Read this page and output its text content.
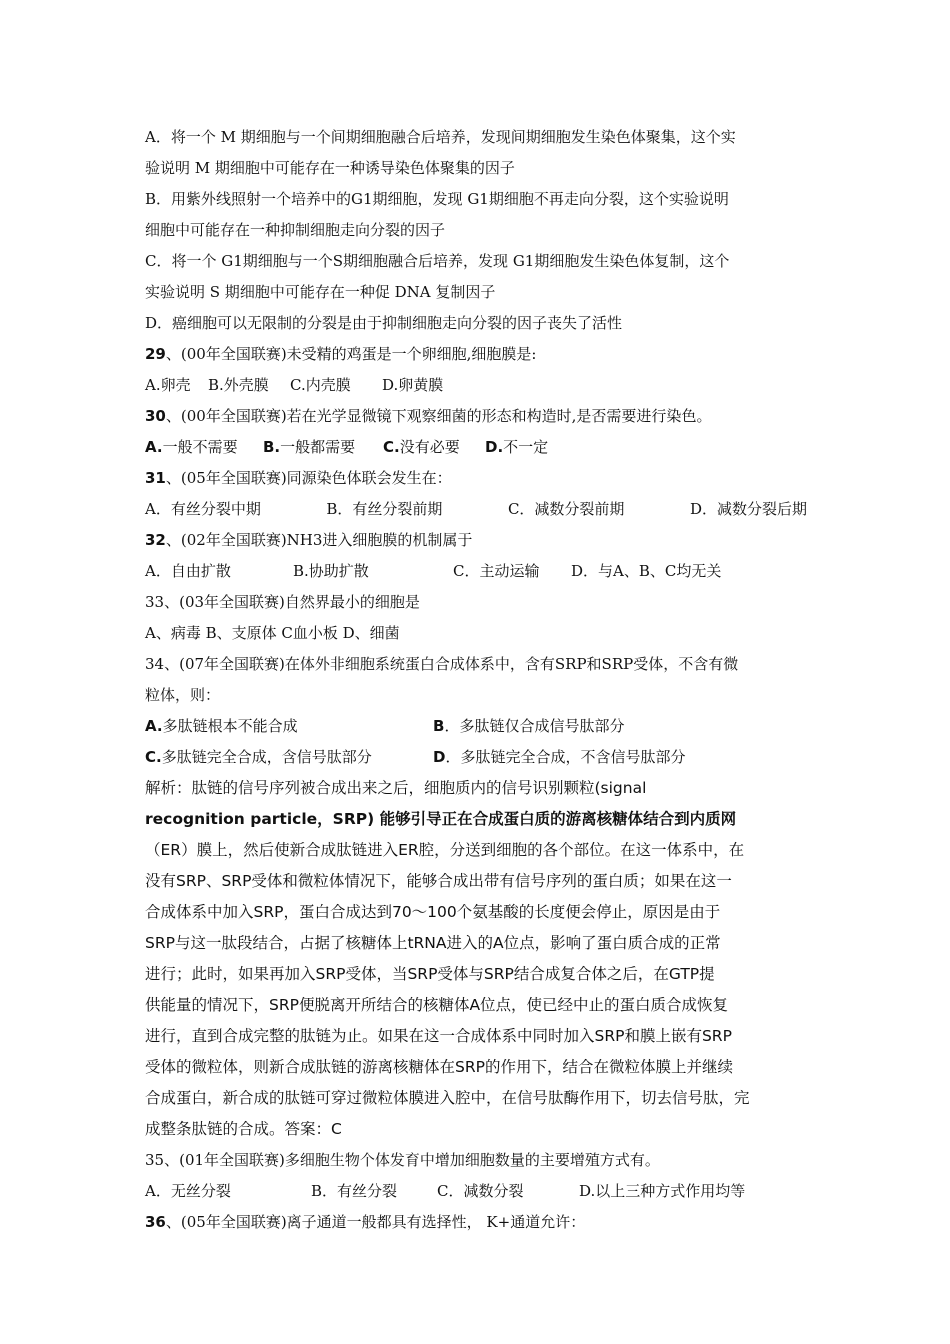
A．将一个 M 期细胞与一个间期细胞融合后培养，发现间期细胞发生染色体聚集，这个实
验说明 M 期细胞中可能存在一种诱导染色体聚集的因子
B．用紫外线照射一个培养中的G1期细胞，发现 G1期细胞不再走向分裂，这个实验说明
细胞中可能存在一种抑制细胞走向分裂的因子
C．将一个 G1期细胞与一个S期细胞融合后培养，发现 G1期细胞发生染色体复制，这个
实验说明 S 期细胞中可能存在一种促 DNA 复制因子
D．癌细胞可以无限制的分裂是由于抑制细胞走向分裂的因子丧失了活性
29、(00年全国联赛)未受精的鸡蛋是一个卵细胞,细胞膜是:
A.卵壳 B.外壳膜 C.内壳膜 D.卵黄膜
30、(00年全国联赛)若在光学显微镜下观察细菌的形态和构造时,是否需要进行染色。
A.一般不需要 B.一般都需要 C.没有必要 D.不一定
31、(05年全国联赛)同源染色体联会发生在：
A．有丝分裂中期	B．有丝分裂前期	C．减数分裂前期	D．减数分裂后期
32、(02年全国联赛)NH3进入细胞膜的机制属于
A．自由扩散	B.协助扩散	C．主动运输 D．与A、B、C均无关
33、(03年全国联赛)自然界最小的细胞是
A、病毒 B、支原体 C血小板 D、细菌
34、(07年全国联赛)在体外非细胞系统蛋白合成体系中，含有SRP和SRP受体，不含有微
粒体，则：
A.多肽链根本不能合成	B．多肽链仅合成信号肽部分
C.多肽链完全合成，含信号肽部分	D．多肽链完全合成，不含信号肽部分
解析：肽链的信号序列被合成出来之后，细胞质内的信号识别颗粒(signal
recognition particle，SRP) 能够引导正在合成蛋白质的游离核糖体结合到内质网
（ER）膜上，然后使新合成肽链进入ER腔，分送到细胞的各个部位。在这一体系中，在
没有SRP、SRP受体和微粒体情况下，能够合成出带有信号序列的蛋白质；如果在这一
合成体系中加入SRP，蛋白合成达到70～100个氨基酸的长度便会停止，原因是由于
SRP与这一肽段结合，占据了核糖体上tRNA进入的A位点，影响了蛋白质合成的正常
进行；此时，如果再加入SRP受体，当SRP受体与SRP结合成复合体之后，在GTP提
供能量的情况下，SRP便脱离开所结合的核糖体A位点，使已经中止的蛋白质合成恢复
进行，直到合成完整的肽链为止。如果在这一合成体系中同时加入SRP和膜上嵌有SRP
受体的微粒体，则新合成肽链的游离核糖体在SRP的作用下，结合在微粒体膜上并继续
合成蛋白，新合成的肽链可穿过微粒体膜进入腔中，在信号肽酶作用下，切去信号肽，完
成整条肽链的合成。答案：C
35、(01年全国联赛)多细胞生物个体发育中增加细胞数量的主要增殖方式有。
A．无丝分裂	B．有丝分裂	C．减数分裂	D.以上三种方式作用均等
36、(05年全国联赛)离子通道一般都具有选择性， K+通道允许：
